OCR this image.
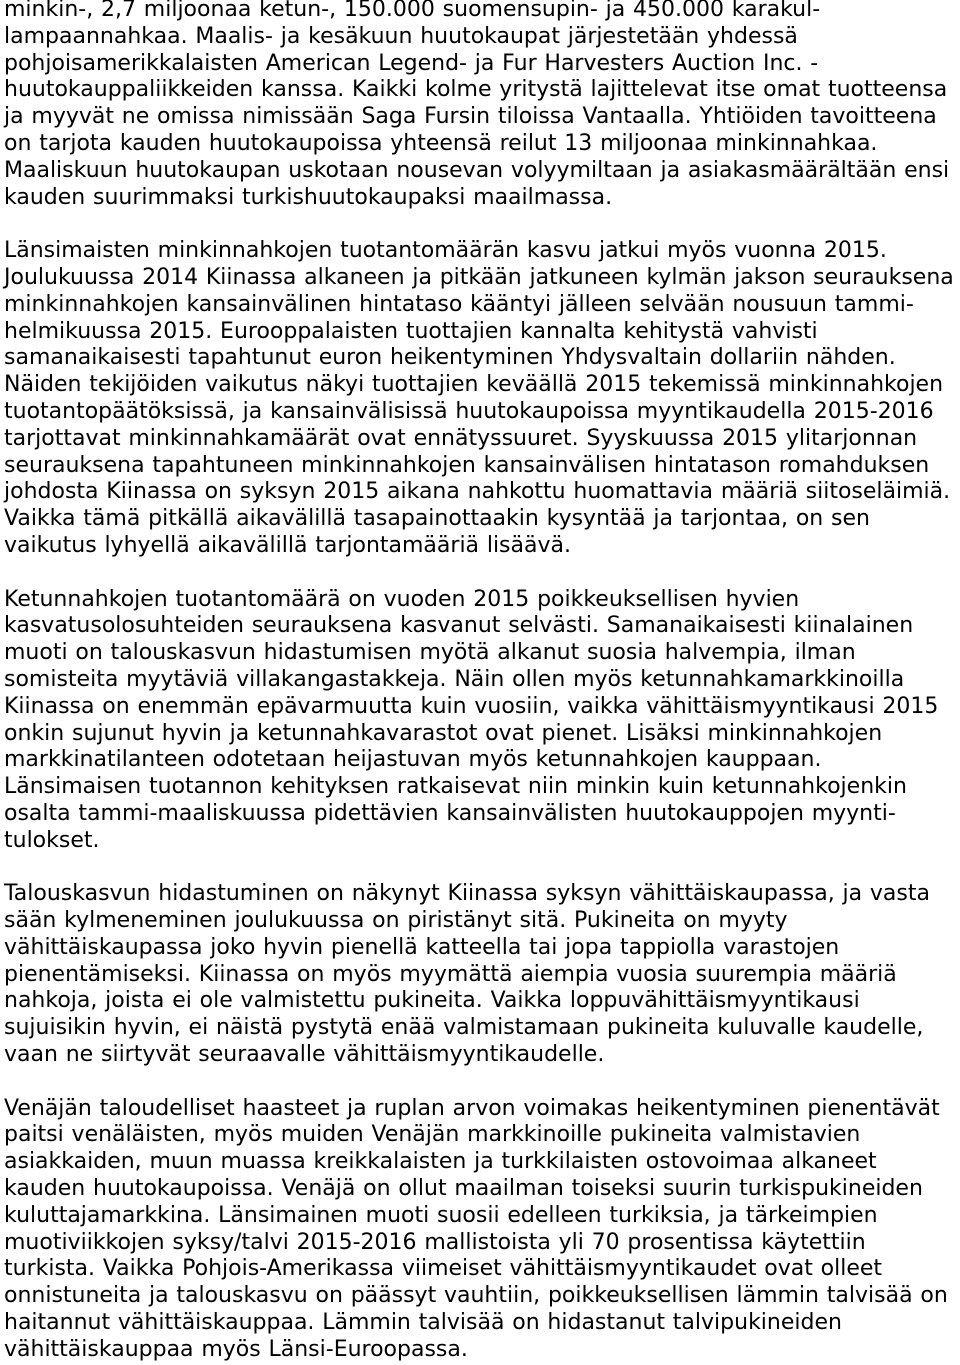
minkin-, 2,7 miljoonaa ketun-, 150.000 suomensupin- ja 450.000 karakul-
lampaannahkaa. Maalis- ja kesäkuun huutokaupat järjestetään yhdessä
pohjoisamerikkalaisten American Legend- ja Fur Harvesters Auction Inc. -
huutokauppaliikkeiden kanssa. Kaikki kolme yritystä lajittelevat itse omat tuotteensa
ja myyvät ne omissa nimissään Saga Fursin tiloissa Vantaalla. Yhtiöiden tavoitteena
on tarjota kauden huutokaupoissa yhteensä reilut 13 miljoonaa minkinnahkaa.
Maaliskuun huutokaupan uskotaan nousevan volyymiltaan ja asiakasmäärältään ensi
kauden suurimmaksi turkishuutokaupaksi maailmassa.
Länsimaisten minkinnahkojen tuotantomäärän kasvu jatkui myös vuonna 2015.
Joulukuussa 2014 Kiinassa alkaneen ja pitkään jatkuneen kylmän jakson seurauksena
minkinnahkojen kansainvälinen hintataso kääntyi jälleen selvään nousuun tammi-
helmikuussa 2015. Eurooppalaisten tuottajien kannalta kehitystä vahvisti
samanaikaisesti tapahtunut euron heikentyminen Yhdysvaltain dollariin nähden.
Näiden tekijöiden vaikutus näkyi tuottajien keväällä 2015 tekemissä minkinnahkojen
tuotantopäätöksissä, ja kansainvälisissä huutokaupoissa myyntikaudella 2015-2016
tarjottavat minkinnahkamäärät ovat ennätyssuuret. Syyskuussa 2015 ylitarjonnan
seurauksena tapahtuneen minkinnahkojen kansainvälisen hintatason romahduksen
johdosta Kiinassa on syksyn 2015 aikana nahkottu huomattavia määriä siitoseläimiä.
Vaikka tämä pitkällä aikavälillä tasapainottaakin kysyntää ja tarjontaa, on sen
vaikutus lyhyellä aikavälillä tarjontamääriä lisäävä.
Ketunnahkojen tuotantomäärä on vuoden 2015 poikkeuksellisen hyvien
kasvatusolosuhteiden seurauksena kasvanut selvästi. Samanaikaisesti kiinalainen
muoti on talouskasvun hidastumisen myötä alkanut suosia halvempia, ilman
somisteita myytäviä villakangastakkeja. Näin ollen myös ketunnahkamarkkinoilla
Kiinassa on enemmän epävarmuutta kuin vuosiin, vaikka vähittäismyyntikausi 2015
onkin sujunut hyvin ja ketunnahkavarastot ovat pienet. Lisäksi minkinnahkojen
markkinatilanteen odotetaan heijastuvan myös ketunnahkojen kauppaan.
Länsimaisen tuotannon kehityksen ratkaisevat niin minkin kuin ketunnahkojenkin
osalta tammi-maaliskuussa pidettävien kansainvälisten huutokauppojen myynti-
tulokset.
Talouskasvun hidastuminen on näkynyt Kiinassa syksyn vähittäiskaupassa, ja vasta
sään kylmeneminen joulukuussa on piristänyt sitä. Pukineita on myyty
vähittäiskaupassa joko hyvin pienellä katteella tai jopa tappiolla varastojen
pienentämiseksi. Kiinassa on myös myymättä aiempia vuosia suurempia määriä
nahkoja, joista ei ole valmistettu pukineita. Vaikka loppuvähittäismyyntikausi
sujuisikin hyvin, ei näistä pystytä enää valmistamaan pukineita kuluvalle kaudelle,
vaan ne siirtyvät seuraavalle vähittäismyyntikaudelle.
Venäjän taloudelliset haasteet ja ruplan arvon voimakas heikentyminen pienentävät
paitsi venäläisten, myös muiden Venäjän markkinoille pukineita valmistavien
asiakkaiden, muun muassa kreikkalaisten ja turkkilaisten ostovoimaa alkaneet
kauden huutokaupoissa. Venäjä on ollut maailman toiseksi suurin turkispukineiden
kuluttajamarkkina. Länsimainen muoti suosii edelleen turkiksia, ja tärkeimpien
muotiviikkojen syksy/talvi 2015-2016 mallistoista yli 70 prosentissa käytettiin
turkista. Vaikka Pohjois-Amerikassa viimeiset vähittäismyyntikaudet ovat olleet
onnistuneita ja talouskasvu on päässyt vauhtiin, poikkeuksellisen lämmin talvisää on
haitannut vähittäiskauppaa. Lämmin talvisää on hidastanut talvipukineiden
vähittäiskauppaa myös Länsi-Euroopassa.
